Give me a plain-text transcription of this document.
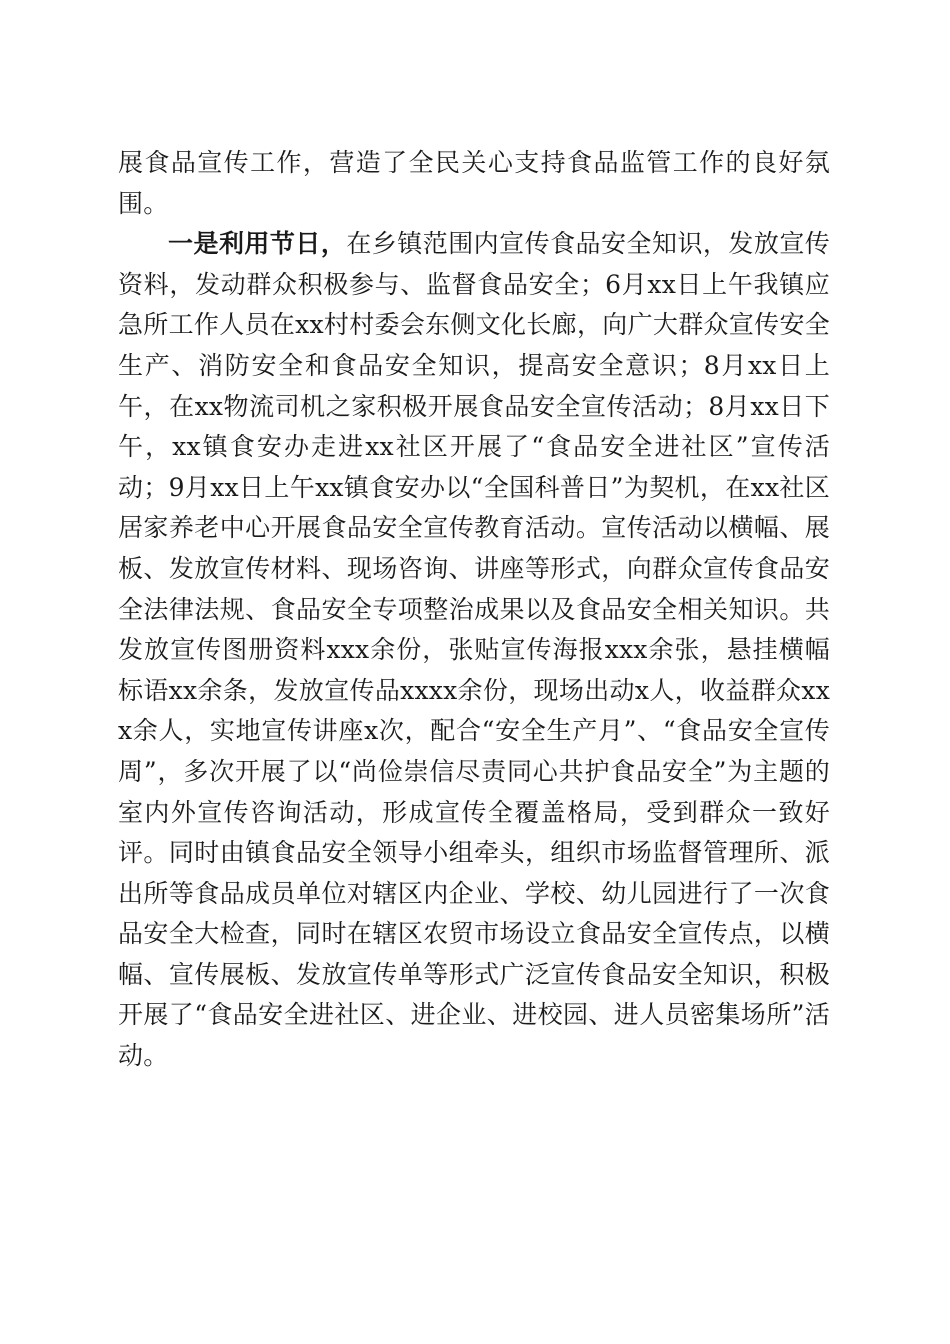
展食品宣传工作，营造了全民关心支持食品监管工作的良好氛围。

一是利用节日，在乡镇范围内宣传食品安全知识，发放宣传资料，发动群众积极参与、监督食品安全；6月xx日上午我镇应急所工作人员在xx村村委会东侧文化长廊，向广大群众宣传安全生产、消防安全和食品安全知识，提高安全意识；8月xx日上午，在xx物流司机之家积极开展食品安全宣传活动；8月xx日下午，xx镇食安办走进xx社区开展了“食品安全进社区”宣传活动；9月xx日上午xx镇食安办以“全国科普日”为契机，在xx社区居家养老中心开展食品安全宣传教育活动。宣传活动以横幅、展板、发放宣传材料、现场咨询、讲座等形式，向群众宣传食品安全法律法规、食品安全专项整治成果以及食品安全相关知识。共发放宣传图册资料xxx余份，张贴宣传海报xxx余张，悬挂横幅标语xx余条，发放宣传品xxxx余份，现场出动x人，收益群众xxx余人，实地宣传讲座x次，配合“安全生产月”、“食品安全宣传周”，多次开展了以“尚俭崇信尽责同心共护食品安全”为主题的室内外宣传咨询活动，形成宣传全覆盖格局，受到群众一致好评。同时由镇食品安全领导小组牵头，组织市场监督管理所、派出所等食品成员单位对辖区内企业、学校、幼儿园进行了一次食品安全大检查，同时在辖区农贸市场设立食品安全宣传点，以横幅、宣传展板、发放宣传单等形式广泛宣传食品安全知识，积极开展了“食品安全进社区、进企业、进校园、进人员密集场所”活动。
